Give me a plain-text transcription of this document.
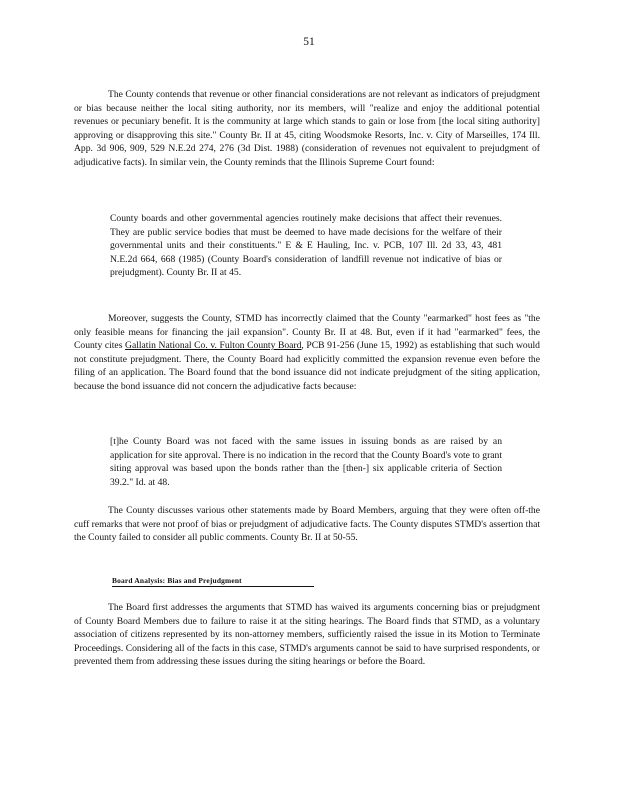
51

The County contends that revenue or other financial considerations are not relevant as indicators of prejudgment or bias because neither the local siting authority, nor its members, will "realize and enjoy the additional potential revenues or pecuniary benefit. It is the community at large which stands to gain or lose from [the local siting authority] approving or disapproving this site." County Br. II at 45, citing Woodsmoke Resorts, Inc. v. City of Marseilles, 174 Ill. App. 3d 906, 909, 529 N.E.2d 274, 276 (3d Dist. 1988) (consideration of revenues not equivalent to prejudgment of adjudicative facts). In similar vein, the County reminds that the Illinois Supreme Court found:

County boards and other governmental agencies routinely make decisions that affect their revenues. They are public service bodies that must be deemed to have made decisions for the welfare of their governmental units and their constituents." E & E Hauling, Inc. v. PCB, 107 Ill. 2d 33, 43, 481 N.E.2d 664, 668 (1985) (County Board's consideration of landfill revenue not indicative of bias or prejudgment). County Br. II at 45.

Moreover, suggests the County, STMD has incorrectly claimed that the County "earmarked" host fees as "the only feasible means for financing the jail expansion". County Br. II at 48. But, even if it had "earmarked" fees, the County cites Gallatin National Co. v. Fulton County Board, PCB 91-256 (June 15, 1992) as establishing that such would not constitute prejudgment. There, the County Board had explicitly committed the expansion revenue even before the filing of an application. The Board found that the bond issuance did not indicate prejudgment of the siting application, because the bond issuance did not concern the adjudicative facts because:

[t]he County Board was not faced with the same issues in issuing bonds as are raised by an application for site approval. There is no indication in the record that the County Board's vote to grant siting approval was based upon the bonds rather than the [then-] six applicable criteria of Section 39.2." Id. at 48.

The County discusses various other statements made by Board Members, arguing that they were often off-the cuff remarks that were not proof of bias or prejudgment of adjudicative facts. The County disputes STMD's assertion that the County failed to consider all public comments. County Br. II at 50-55.

Board Analysis: Bias and Prejudgment

The Board first addresses the arguments that STMD has waived its arguments concerning bias or prejudgment of County Board Members due to failure to raise it at the siting hearings. The Board finds that STMD, as a voluntary association of citizens represented by its non-attorney members, sufficiently raised the issue in its Motion to Terminate Proceedings. Considering all of the facts in this case, STMD's arguments cannot be said to have surprised respondents, or prevented them from addressing these issues during the siting hearings or before the Board.
